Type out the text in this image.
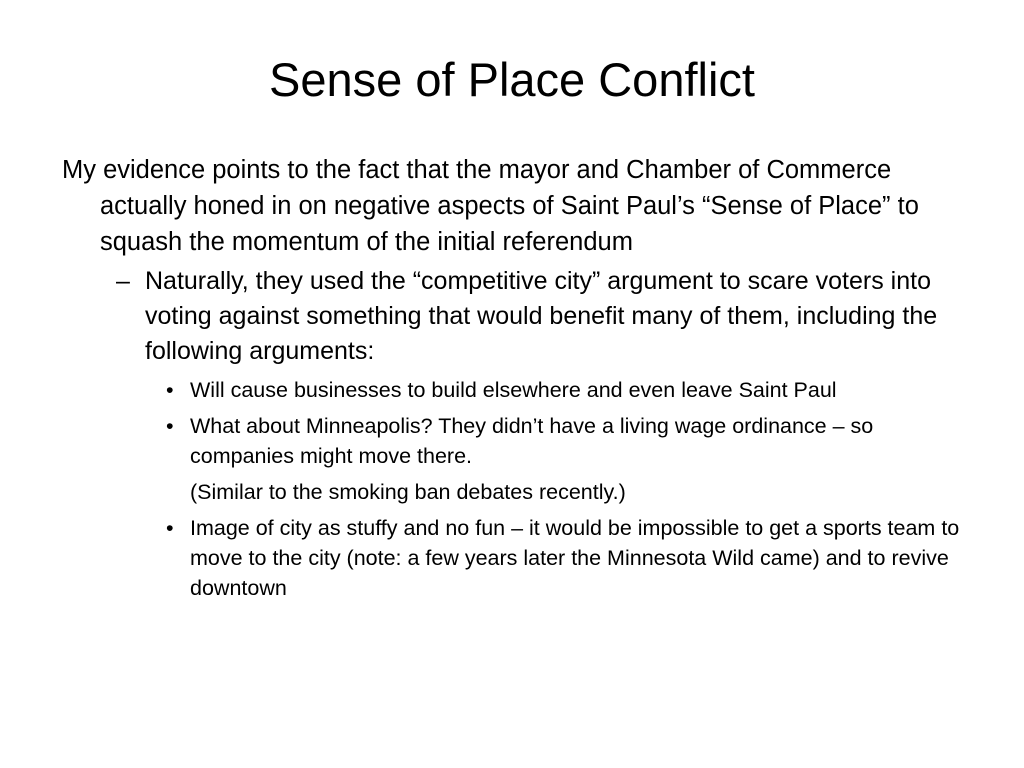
Sense of Place Conflict

My evidence points to the fact that the mayor and Chamber of Commerce actually honed in on negative aspects of Saint Paul’s “Sense of Place” to squash the momentum of the initial referendum

– Naturally, they used the “competitive city” argument to scare voters into voting against something that would benefit many of them, including the following arguments:
• Will cause businesses to build elsewhere and even leave Saint Paul
• What about Minneapolis? They didn’t have a living wage ordinance – so companies might move there.
(Similar to the smoking ban debates recently.)
• Image of city as stuffy and no fun – it would be impossible to get a sports team to move to the city (note: a few years later the Minnesota Wild came) and to revive downtown
